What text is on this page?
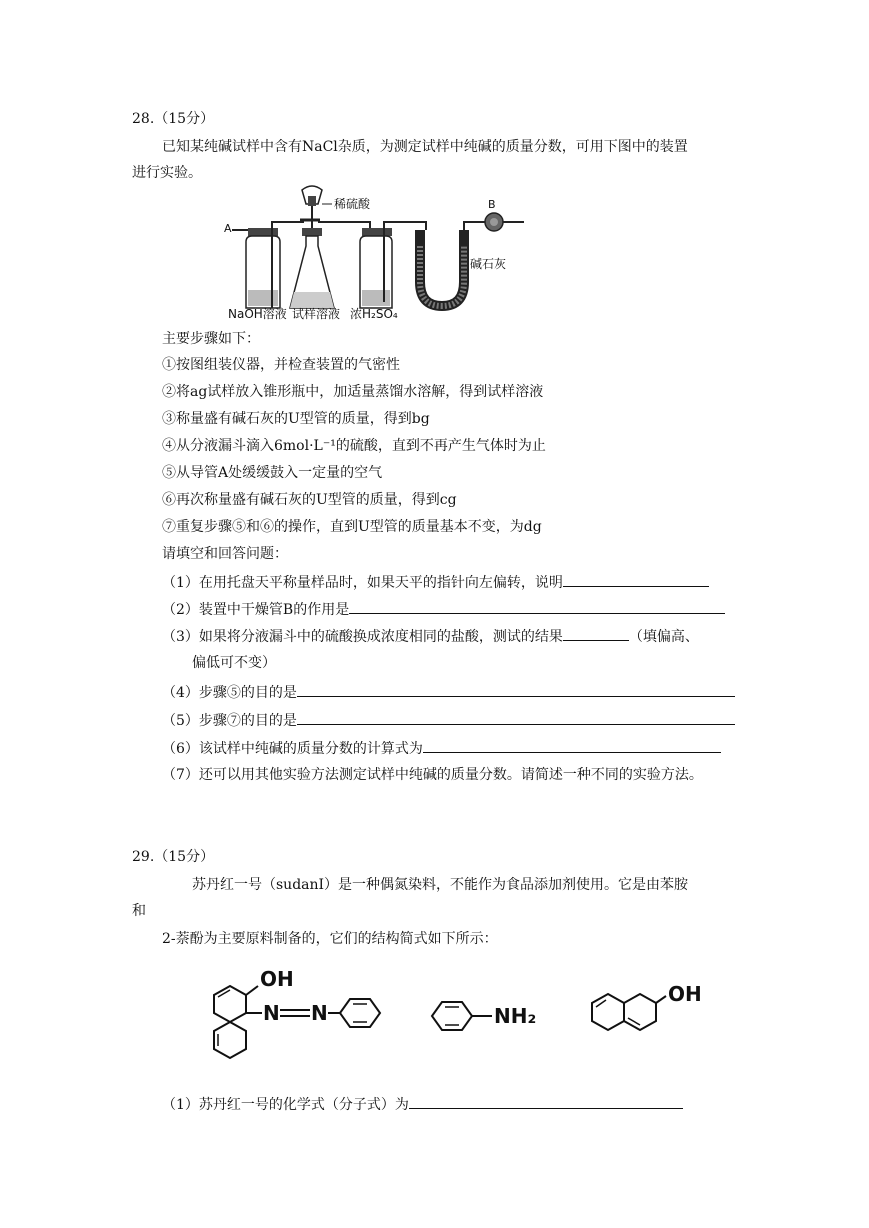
28.（15分）
已知某纯碱试样中含有NaCl杂质，为测定试样中纯碱的质量分数，可用下图中的装置
进行实验。
A
稀硫酸
碱石灰
B
NaOH溶液 试样溶液 浓H₂SO₄
主要步骤如下：
①按图组装仪器，并检查装置的气密性
②将ag试样放入锥形瓶中，加适量蒸馏水溶解，得到试样溶液
③称量盛有碱石灰的U型管的质量，得到bg
④从分液漏斗滴入6mol·L⁻¹的硫酸，直到不再产生气体时为止
⑤从导管A处缓缓鼓入一定量的空气
⑥再次称量盛有碱石灰的U型管的质量，得到cg
⑦重复步骤⑤和⑥的操作，直到U型管的质量基本不变，为dg
请填空和回答问题：
（1）在用托盘天平称量样品时，如果天平的指针向左偏转，说明
（2）装置中干燥管B的作用是
（3）如果将分液漏斗中的硫酸换成浓度相同的盐酸，测试的结果	（填偏高、
偏低可不变）
（4）步骤⑤的目的是
（5）步骤⑦的目的是
（6）该试样中纯碱的质量分数的计算式为
（7）还可以用其他实验方法测定试样中纯碱的质量分数。请简述一种不同的实验方法。
29.（15分）
苏丹红一号（sudanⅠ）是一种偶氮染料，不能作为食品添加剂使用。它是由苯胺
和
2-萘酚为主要原料制备的，它们的结构简式如下所示：
OH
N N	NH₂
OH
（1）苏丹红一号的化学式（分子式）为
